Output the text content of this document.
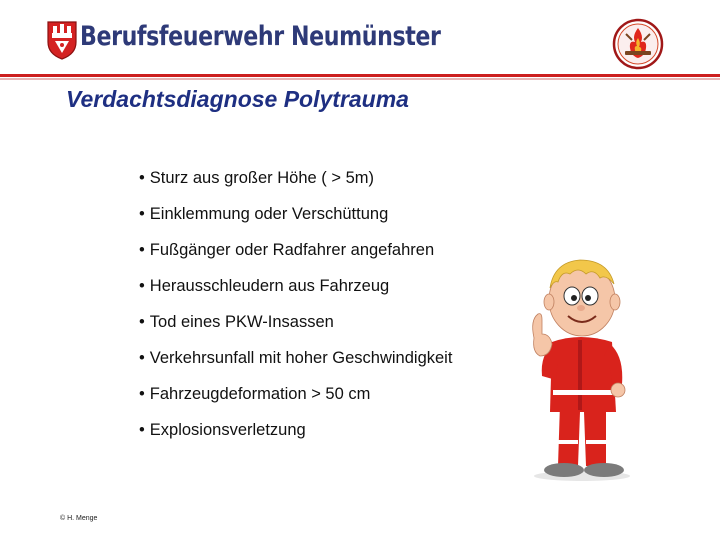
Berufsfeuerwehr Neumünster
Verdachtsdiagnose Polytrauma
• Sturz aus großer Höhe ( > 5m)
• Einklemmung oder Verschüttung
• Fußgänger oder Radfahrer angefahren
• Herausschleudern aus Fahrzeug
• Tod eines PKW-Insassen
• Verkehrsunfall mit hoher Geschwindigkeit
• Fahrzeugdeformation > 50 cm
• Explosionsverletzung
© H. Menge
